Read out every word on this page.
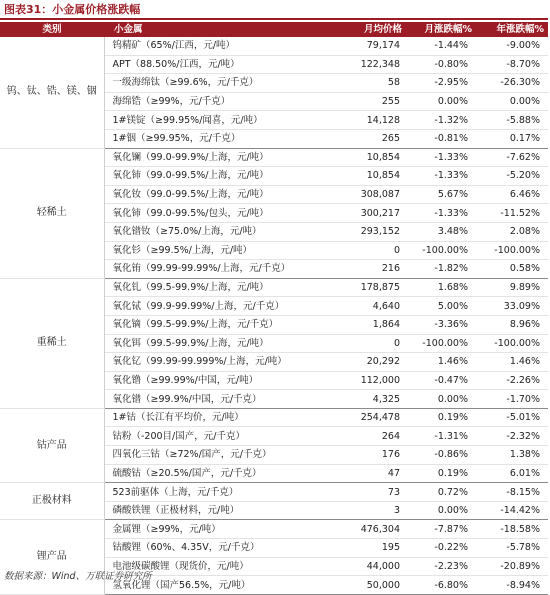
图表31：小金属价格涨跌幅
类别	小金属	月均价格	月涨跌幅%	年涨跌幅%
钨、钛、锆、镁、铟	钨精矿（65%/江西，元/吨）	79,174	-1.44%	-9.00%
	APT（88.50%/江西，元/吨）	122,348	-0.80%	-8.70%
	一级海绵钛（≥99.6%，元/千克）	58	-2.95%	-26.30%
	海绵锆（≥99%，元/千克）	255	0.00%	0.00%
	1#镁锭（≥99.95%/闻喜，元/吨）	14,128	-1.32%	-5.88%
	1#铟（≥99.95%，元/千克）	265	-0.81%	0.17%
轻稀土	氧化镧（99.0-99.9%/上海，元/吨）	10,854	-1.33%	-7.62%
	氧化铈（99.0-99.5%/上海，元/吨）	10,854	-1.33%	-5.20%
	氧化钕（99.0-99.5%/上海，元/吨）	308,087	5.67%	6.46%
	氧化铈（99.0-99.5%/包头，元/吨）	300,217	-1.33%	-11.52%
	氧化镨钕（≥75.0%/上海，元/吨）	293,152	3.48%	2.08%
	氧化钐（≥99.5%/上海，元/吨）	0	-100.00%	-100.00%
	氧化铕（99.99-99.99%/上海，元/千克）	216	-1.82%	0.58%
重稀土	氧化钆（99.5-99.9%/上海，元/吨）	178,875	1.68%	9.89%
	氧化铽（99.9-99.99%/上海，元/千克）	4,640	5.00%	33.09%
	氧化镝（99.5-99.9%/上海，元/千克）	1,864	-3.36%	8.96%
	氧化铒（99.5-99.9%/上海，元/吨）	0	-100.00%	-100.00%
	氧化钇（99.99-99.999%/上海，元/吨）	20,292	1.46%	1.46%
	氧化镥（≥99.99%/中国，元/吨）	112,000	-0.47%	-2.26%
	氧化镨（≥99.9%/中国，元/千克）	4,325	0.00%	-1.70%
钴产品	1#钴（长江有平均价，元/吨）	254,478	0.19%	-5.01%
	钴粉（-200目/国产，元/千克）	264	-1.31%	-2.32%
	四氧化三钴（≥72%/国产，元/千克）	176	-0.86%	1.38%
	硫酸钴（≥20.5%/国产，元/千克）	47	0.19%	6.01%
正极材料	523前驱体（上海，元/千克）	73	0.72%	-8.15%
	磷酸铁锂（正极材料，元/吨）	3	0.00%	-14.42%
锂产品	金属锂（≥99%，元/吨）	476,304	-7.87%	-18.58%
	钴酸锂（60%、4.35V，元/千克）	195	-0.22%	-5.78%
	电池级碳酸锂（现货价，元/吨）	44,000	-2.23%	-20.89%
	氢氧化锂（国产56.5%，元/吨）	50,000	-6.80%	-8.94%
数据来源：Wind、万联证券研究所
